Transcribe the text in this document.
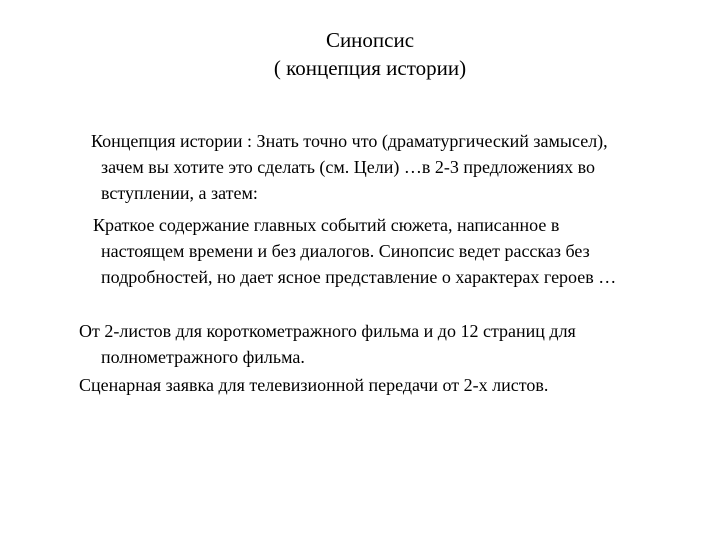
Синопсис
( концепция истории)
Концепция истории : Знать точно что (драматургический замысел),
зачем вы хотите это сделать (см. Цели) …в 2-3 предложениях во
вступлении, а затем:
Краткое содержание главных событий сюжета, написанное в
настоящем времени и без диалогов. Синопсис ведет рассказ без
подробностей, но дает ясное представление о характерах героев …
От 2-листов для короткометражного фильма и до 12 страниц для
полнометражного фильма.
Сценарная заявка для телевизионной передачи от 2-х листов.
